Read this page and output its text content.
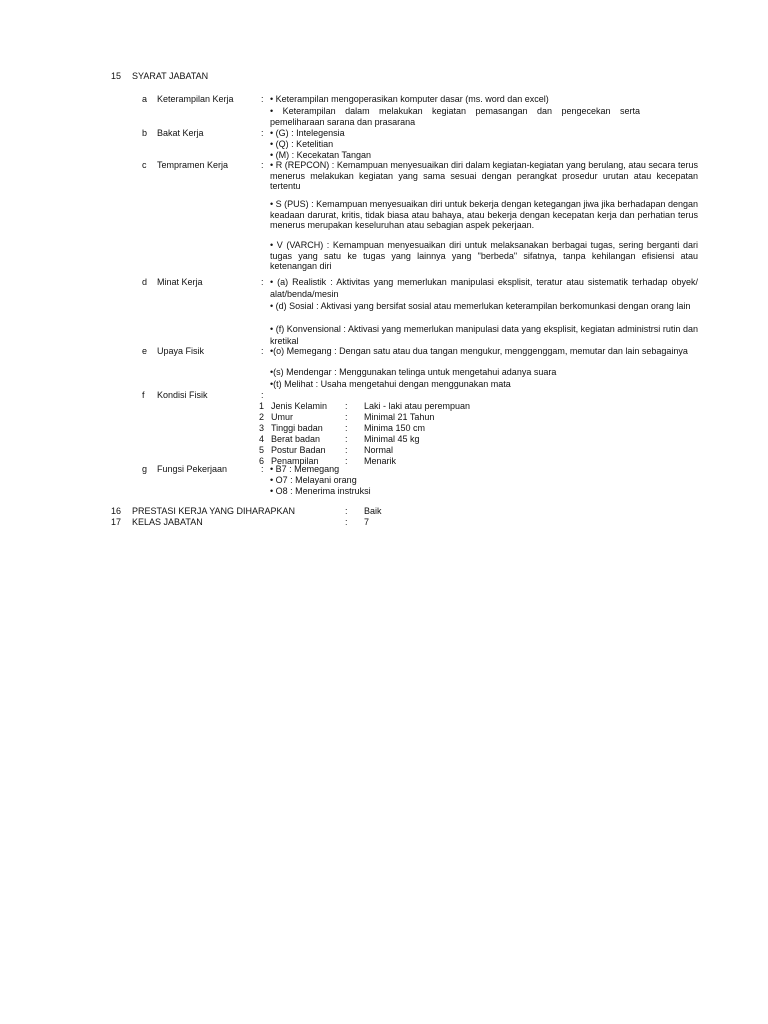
15 SYARAT JABATAN
a Keterampilan Kerja	: • Keterampilan mengoperasikan komputer dasar (ms. word dan excel)
• Keterampilan dalam melakukan kegiatan pemasangan dan pengecekan serta pemeliharaan sarana dan prasarana
b Bakat Kerja	: • (G) : Intelegensia
• (Q) : Ketelitian
• (M) : Kecekatan Tangan
c Tempramen Kerja	: • R (REPCON) : Kemampuan menyesuaikan diri dalam kegiatan-kegiatan yang berulang, atau secara terus menerus melakukan kegiatan yang sama sesuai dengan perangkat prosedur urutan atau kecepatan tertentu
• S (PUS) : Kemampuan menyesuaikan diri untuk bekerja dengan ketegangan jiwa jika berhadapan dengan keadaan darurat, kritis, tidak biasa atau bahaya, atau bekerja dengan kecepatan kerja dan perhatian terus menerus merupakan keseluruhan atau sebagian aspek pekerjaan.
• V (VARCH) : Kemampuan menyesuaikan diri untuk melaksanakan berbagai tugas, sering berganti dari tugas yang satu ke tugas yang lainnya yang "berbeda" sifatnya, tanpa kehilangan efisiensi atau ketenangan diri
d Minat Kerja	: • (a) Realistik : Aktivitas yang memerlukan manipulasi eksplisit, teratur atau sistematik terhadap obyek/ alat/benda/mesin
• (d) Sosial : Aktivasi yang bersifat sosial atau memerlukan keterampilan berkomunkasi dengan orang lain
• (f) Konvensional : Aktivasi yang memerlukan manipulasi data yang eksplisit, kegiatan administrsi rutin dan kretikal
e Upaya Fisik	: •(o) Memegang : Dengan satu atau dua tangan mengukur, menggenggam, memutar dan lain sebagainya
•(s) Mendengar : Menggunakan telinga untuk mengetahui adanya suara
•(t) Melihat : Usaha mengetahui dengan menggunakan mata
f Kondisi Fisik	:
1 Jenis Kelamin : Laki - laki atau perempuan
2 Umur	: Minimal 21 Tahun
3 Tinggi badan : Minima 150 cm
4 Berat badan	: Minimal 45 kg
5 Postur Badan : Normal
6 Penampilan	: Menarik
g Fungsi Pekerjaan	: • B7 : Memegang
• O7 : Melayani orang
• O8 : Menerima instruksi
16 PRESTASI KERJA YANG DIHARAPKAN	: Baik
17 KELAS JABATAN	: 7
